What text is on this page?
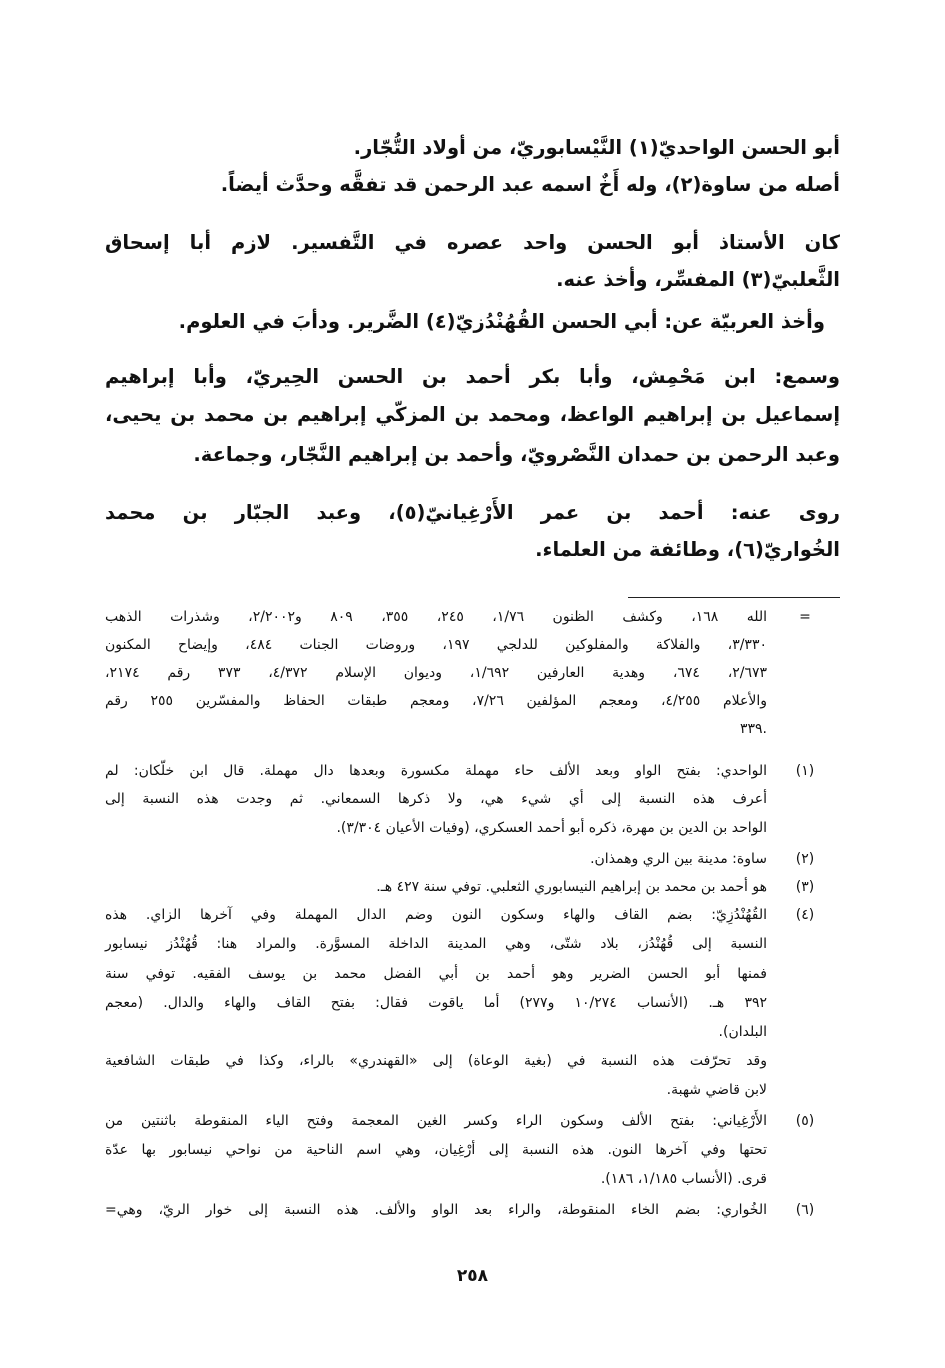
أبو الحسن الواحديّ(١) النَّيْسابوريّ، من أولاد التُّجّار.
أصله من ساوة(٢)، وله أَخٌ اسمه عبد الرحمن قد تفقَّه وحدَّث أيضاً.
كان الأستاذ أبو الحسن واحد عصره في التَّفسير. لازم أبا إسحاق
الثَّعلبيّ(٣) المفسِّر، وأخذ عنه.
وأخذ العربيّة عن: أبي الحسن القُهُنْدُزيّ(٤) الضَّرير. ودأبَ في العلوم.
وسمع: ابن مَحْمِش، وأبا بكر أحمد بن الحسن الحِيريّ، وأبا إبراهيم
إسماعيل بن إبراهيم الواعظ، ومحمد بن المزكّي إبراهيم بن محمد بن يحيى،
وعبد الرحمن بن حمدان النَّصْرويّ، وأحمد بن إبراهيم النَّجّار، وجماعة.
روى عنه: أحمد بن عمر الأَرْغِيانيّ(٥)، وعبد الجبّار بن محمد
الخُواريّ(٦)، وطائفة من العلماء.
=
الله ١٦٨، وكشف الظنون ١/٧٦، ٢٤٥، ٣٥٥، ٨٠٩ و٢/٢٠٠٢، وشذرات الذهب
٣/٣٣٠، والفلاكة والمفلوكين للدلجي ١٩٧، وروضات الجنات ٤٨٤، وإيضاح المكنون
٢/٦٧٣، ٦٧٤، وهدية العارفين ١/٦٩٢، وديوان الإسلام ٤/٣٧٢، ٣٧٣ رقم ٢١٧٤،
والأعلام ٤/٢٥٥، ومعجم المؤلفين ٧/٢٦، ومعجم طبقات الحفاظ والمفسّرين ٢٥٥ رقم
.٣٣٩
(١)
الواحدي: بفتح الواو وبعد الألف حاء مهملة مكسورة وبعدها دال مهملة. قال ابن خلّكان: لم
أعرف هذه النسبة إلى أي شيء هي، ولا ذكرها السمعاني. ثم وجدت هذه النسبة إلى
الواحد بن الدين بن مهرة، ذكره أبو أحمد العسكري، (وفيات الأعيان ٣/٣٠٤).
(٢)
ساوة: مدينة بين الري وهمذان.
(٣)
هو أحمد بن محمد بن إبراهيم النيسابوري الثعلبي. توفي سنة ٤٢٧ هـ.
(٤)
القُهُنْدُزِيّ: بضم القاف والهاء وسكون النون وضم الدال المهملة وفي آخرها الزاي. هذه
النسبة إلى قُهُنْدُز، بلاد شتّى، وهي المدينة الداخلة المسوَّرة. والمراد هنا: قُهُنْدُز نيسابور
فمنها أبو الحسن الضرير وهو أحمد بن أبي الفضل محمد بن يوسف الفقيه. توفي سنة
٣٩٢ هـ. (الأنساب ١٠/٢٧٤ و٢٧٧) أما ياقوت فقال: بفتح القاف والهاء والدال. (معجم
البلدان).
وقد تحرّفت هذه النسبة في (بغية الوعاة) إلى «القهندري» بالراء، وكذا في طبقات الشافعية
لابن قاضي شهبة.
(٥)
الأَرْغِياني: بفتح الألف وسكون الراء وكسر الغين المعجمة وفتح الياء المنقوطة باثنتين من
تحتها وفي آخرها النون. هذه النسبة إلى أرْغِيان، وهي اسم الناحية من نواحي نيسابور بها عدّة
قرى. (الأنساب ١/١٨٥، ١٨٦).
(٦)
الخُواري: بضم الخاء المنقوطة، والراء بعد الواو والألف. هذه النسبة إلى خوار الريّ، وهي=
٢٥٨
